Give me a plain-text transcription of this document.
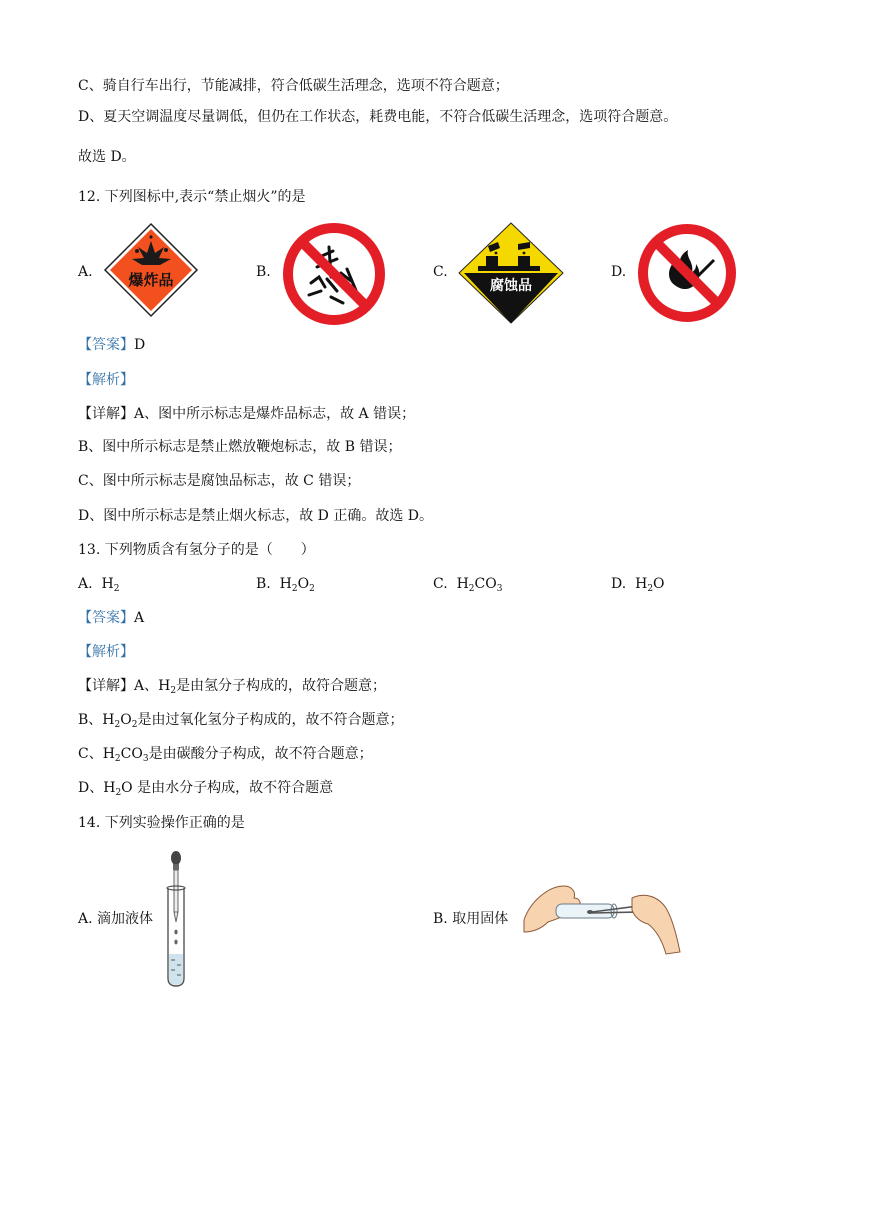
C、骑自行车出行，节能减排，符合低碳生活理念，选项不符合题意；
D、夏天空调温度尽量调低，但仍在工作状态，耗费电能，不符合低碳生活理念，选项符合题意。
故选 D。
12. 下列图标中,表示“禁止烟火”的是
A.	B.	C.	D.
爆炸品	腐蚀品
【答案】D
【解析】
【详解】A、图中所示标志是爆炸品标志，故 A 错误；
B、图中所示标志是禁止燃放鞭炮标志，故 B 错误；
C、图中所示标志是腐蚀品标志，故 C 错误；
D、图中所示标志是禁止烟火标志，故 D 正确。故选 D。
13. 下列物质含有氢分子的是（　　）
A. $H_2$	B. $H_2O_2$	C. $H_2CO_3$	D. $H_2O$
【答案】A
【解析】
【详解】A、$H_2$是由氢分子构成的，故符合题意；
B、$H_2O_2$是由过氧化氢分子构成的，故不符合题意；
C、$H_2CO_3$是由碳酸分子构成，故不符合题意；
D、$H_2O$ 是由水分子构成，故不符合题意
14. 下列实验操作正确的是
A. 滴加液体	B. 取用固体
